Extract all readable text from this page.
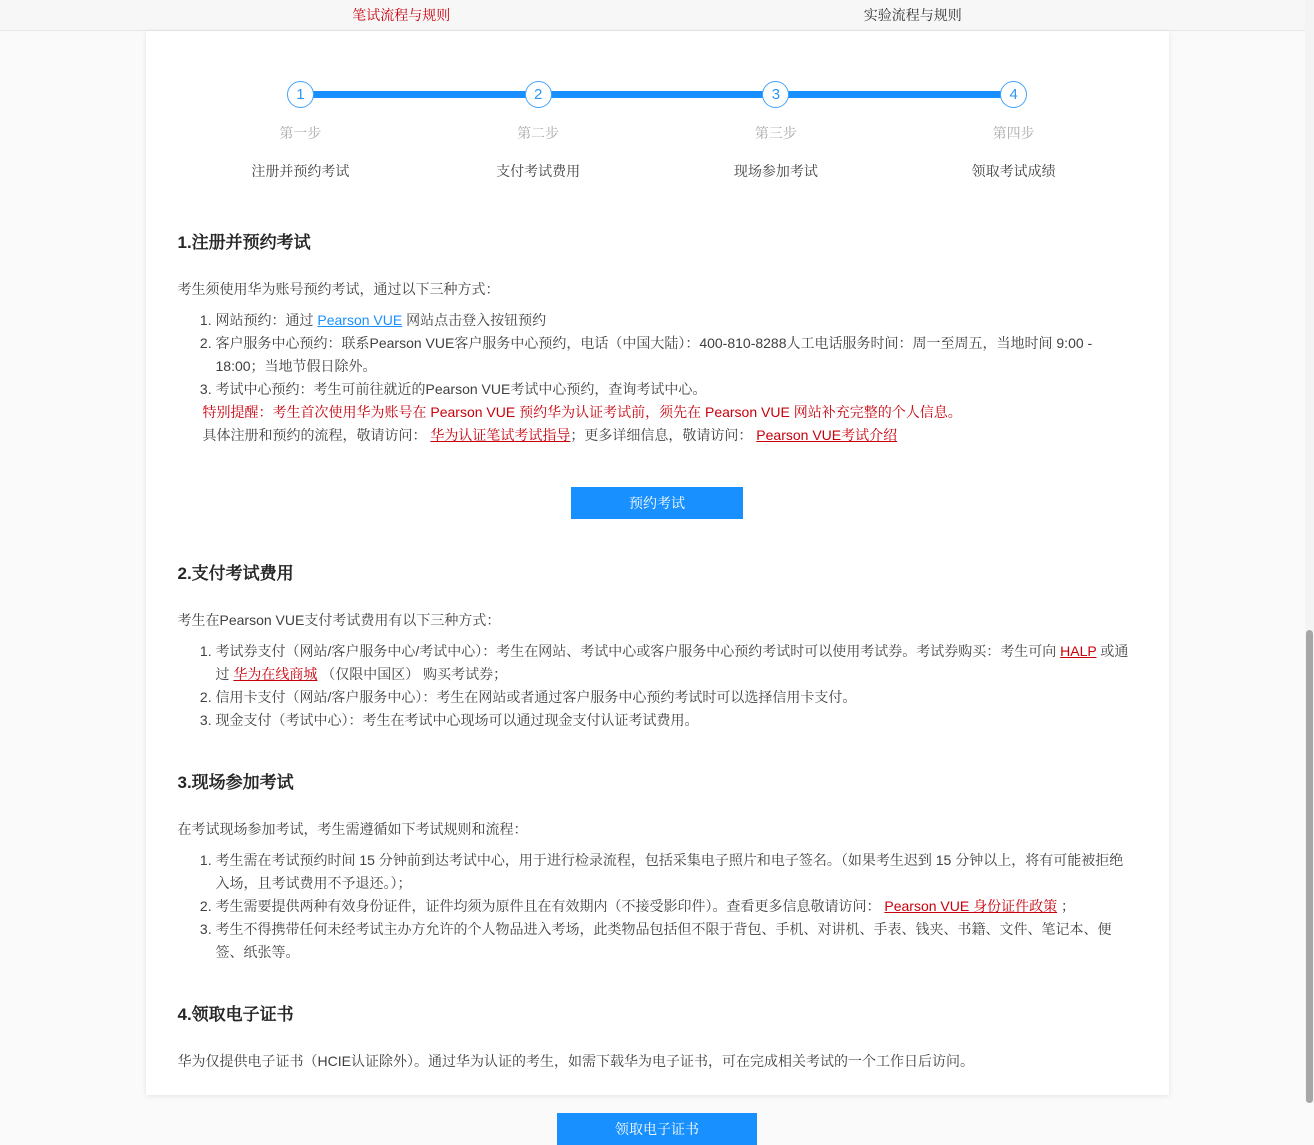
笔试流程与规则	实验流程与规则
1
第一步
注册并预约考试
2
第二步
支付考试费用
3
第三步
现场参加考试
4
第四步
领取考试成绩
1.注册并预约考试

考生须使用华为账号预约考试，通过以下三种方式：

1. 网站预约：通过 Pearson VUE 网站点击登入按钮预约
2. 客户服务中心预约：联系Pearson VUE客户服务中心预约，电话（中国大陆）：400-810-8288人工电话服务时间：周一至周五，当地时间 9:00 - 18:00；当地节假日除外。
3. 考试中心预约：考生可前往就近的Pearson VUE考试中心预约，查询考试中心。
特别提醒：考生首次使用华为账号在 Pearson VUE 预约华为认证考试前，须先在 Pearson VUE 网站补充完整的个人信息。
具体注册和预约的流程，敬请访问： 华为认证笔试考试指导；更多详细信息，敬请访问： Pearson VUE考试介绍
预约考试
2.支付考试费用

考生在Pearson VUE支付考试费用有以下三种方式：

1. 考试券支付（网站/客户服务中心/考试中心）：考生在网站、考试中心或客户服务中心预约考试时可以使用考试券。考试券购买：考生可向 HALP 或通过 华为在线商城 （仅限中国区） 购买考试券；
2. 信用卡支付（网站/客户服务中心）：考生在网站或者通过客户服务中心预约考试时可以选择信用卡支付。
3. 现金支付（考试中心）：考生在考试中心现场可以通过现金支付认证考试费用。
3.现场参加考试

在考试现场参加考试，考生需遵循如下考试规则和流程：

1. 考生需在考试预约时间 15 分钟前到达考试中心，用于进行检录流程，包括采集电子照片和电子签名。（如果考生迟到 15 分钟以上，将有可能被拒绝入场，且考试费用不予退还。）；
2. 考生需要提供两种有效身份证件，证件均须为原件且在有效期内（不接受影印件）。查看更多信息敬请访问： Pearson VUE 身份证件政策 ；
3. 考生不得携带任何未经考试主办方允许的个人物品进入考场，此类物品包括但不限于背包、手机、对讲机、手表、钱夹、书籍、文件、笔记本、便签、纸张等。
4.领取电子证书

华为仅提供电子证书（HCIE认证除外）。通过华为认证的考生，如需下载华为电子证书，可在完成相关考试的一个工作日后访问。

领取电子证书
